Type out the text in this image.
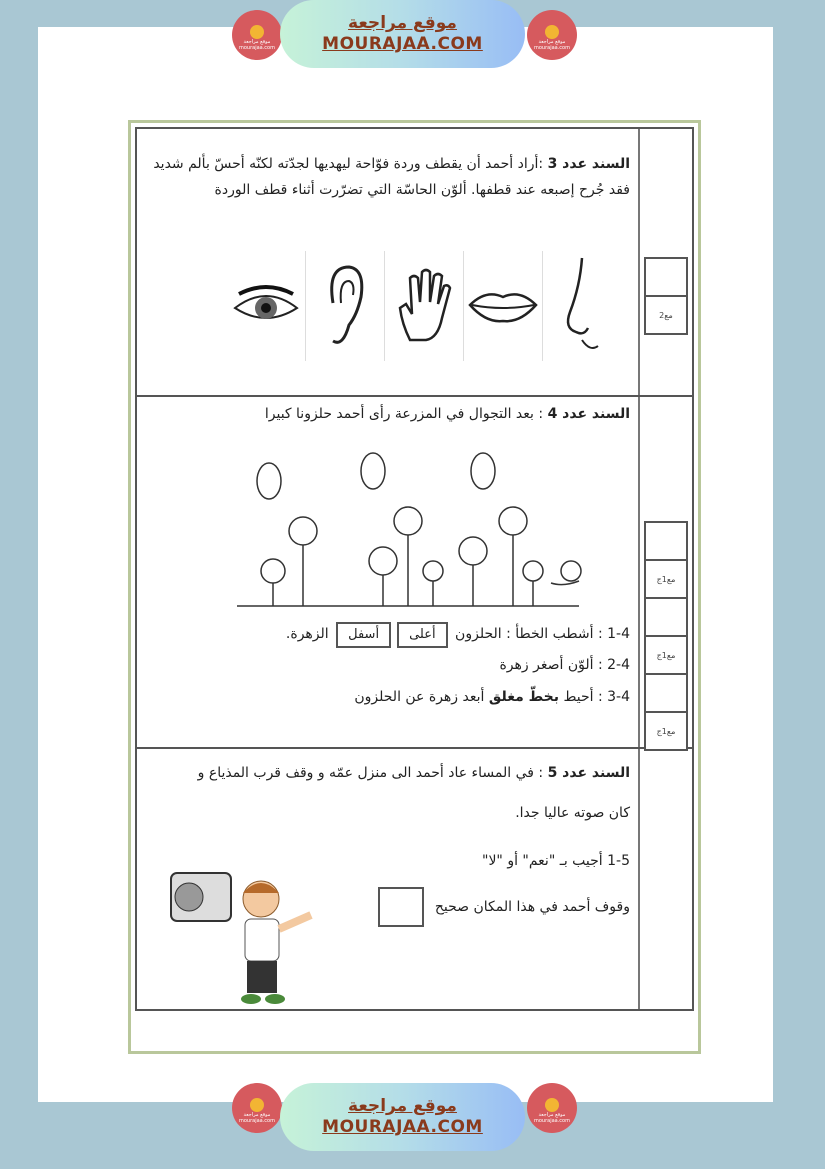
موقع مراجعة
mourajaa.com
موقع مراجعة
MOURAJAA.COM	موقع مراجعة
mourajaa.com
السند عدد 3 :أراد أحمد أن يقطف وردة فوّاحة ليهديها لجدّته لكنّه أحسّ بألم شديد فقد جُرح إصبعه عند قطفها. ألوّن الحاسّة التي تضرّرت أثناء قطف الوردة
مع2
السند عدد 4 : بعد التجوال في المزرعة رأى أحمد حلزونا كبيرا
1-4 : أشطب الخطأ : الحلزون أعلىأسفل الزهرة.
2-4 : ألوّن أصغر زهرة
3-4 : أحيط بخطّ مغلق أبعد زهرة عن الحلزون
مع1ج
مع1ج
مع1ج
السند عدد 5 : في المساء عاد أحمد الى منزل عمّه و وقف قرب المذياع و
كان صوته عاليا جدا.
1-5 أجيب بـ "نعم" أو "لا"
وقوف أحمد في هذا المكان صحيح
موقع مراجعة
mourajaa.com
موقع مراجعة
MOURAJAA.COM
موقع مراجعة
mourajaa.com
